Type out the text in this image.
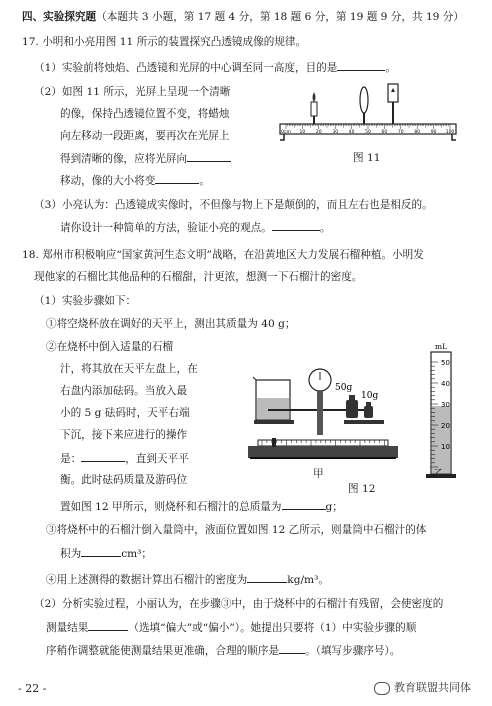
四、实验探究题（本题共 3 小题，第 17 题 4 分，第 18 题 6 分，第 19 题 9 分，共 19 分）
17. 小明和小亮用图 11 所示的装置探究凸透镜成像的规律。
（1）实验前将烛焰、凸透镜和光屏的中心调至同一高度，目的是	。
（2）如图 11 所示，光屏上呈现一个清晰
的像，保持凸透镜位置不变，将蜡烛
向左移动一段距离，要再次在光屏上
得到清晰的像，应将光屏向
移动，像的大小将变	。
0cm 10 20 30 40 50 60 70 80 90 100
图 11
（3）小亮认为：凸透镜成实像时，不但像与物上下是颠倒的，而且左右也是相反的。
请你设计一种简单的方法，验证小亮的观点。	。
18. 郑州市积极响应“国家黄河生态文明”战略，在沿黄地区大力发展石榴种植。小明发
现他家的石榴比其他品种的石榴甜，汁更浓，想测一下石榴汁的密度。
（1）实验步骤如下：
①将空烧杯放在调好的天平上，测出其质量为 40 g；
②在烧杯中倒入适量的石榴
汁，将其放在天平左盘上，在
右盘内添加砝码。当放入最
小的 5 g 砝码时，天平右端
下沉，接下来应进行的操作
是：	，直到天平平
衡。此时砝码质量及游码位
50g
10g
mL
50
40
30
20
10
甲	乙
图 12
置如图 12 甲所示，则烧杯和石榴汁的总质量为	g；
③将烧杯中的石榴汁倒入量筒中，液面位置如图 12 乙所示，则量筒中石榴汁的体
积为	cm³；
④用上述测得的数据计算出石榴汁的密度为	kg/m³。
（2）分析实验过程，小丽认为，在步骤③中，由于烧杯中的石榴汁有残留，会使密度的
测量结果	（选填“偏大”或“偏小”）。她提出只要将（1）中实验步骤的顺
序稍作调整就能使测量结果更准确，合理的顺序是 。（填写步骤序号）。
- 22 -	教育联盟共同体
